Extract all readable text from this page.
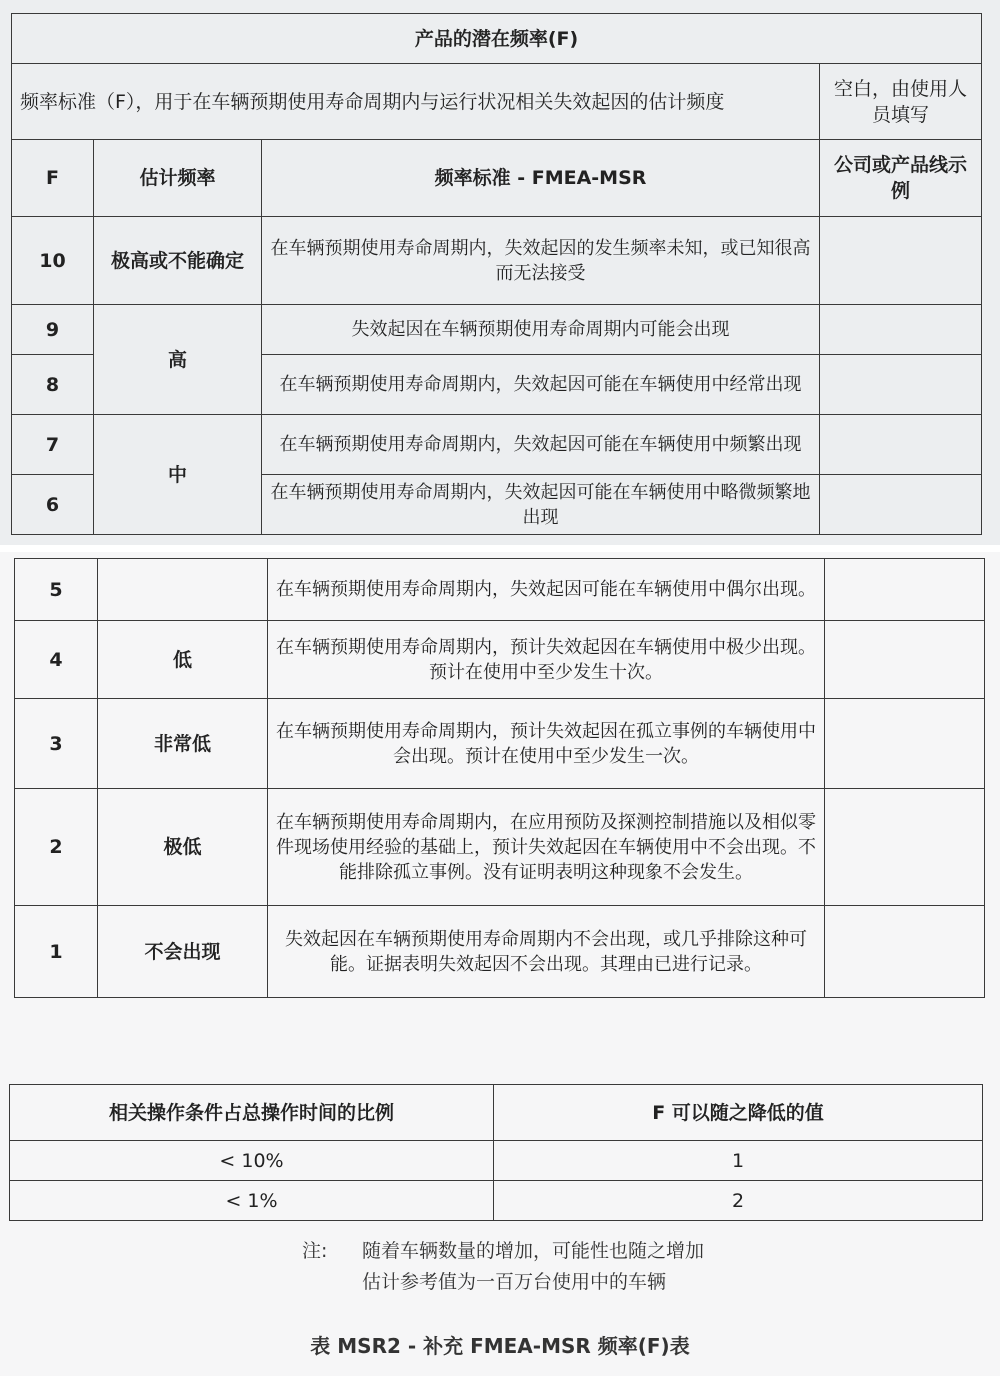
产品的潜在频率(F)			
频率标准（F），用于在车辆预期使用寿命周期内与运行状况相关失效起因的估计频度			空白，由使用人员填写
F	估计频率	频率标准 - FMEA-MSR	公司或产品线示例
10	极高或不能确定	在车辆预期使用寿命周期内，失效起因的发生频率未知，或已知很高而无法接受	
9	高	失效起因在车辆预期使用寿命周期内可能会出现	
8		在车辆预期使用寿命周期内，失效起因可能在车辆使用中经常出现	
7	中	在车辆预期使用寿命周期内，失效起因可能在车辆使用中频繁出现	
6		在车辆预期使用寿命周期内，失效起因可能在车辆使用中略微频繁地出现	
5		在车辆预期使用寿命周期内，失效起因可能在车辆使用中偶尔出现。	
4	低	在车辆预期使用寿命周期内，预计失效起因在车辆使用中极少出现。预计在使用中至少发生十次。	
3	非常低	在车辆预期使用寿命周期内，预计失效起因在孤立事例的车辆使用中会出现。预计在使用中至少发生一次。	
2	极低	在车辆预期使用寿命周期内，在应用预防及探测控制措施以及相似零件现场使用经验的基础上，预计失效起因在车辆使用中不会出现。不能排除孤立事例。没有证明表明这种现象不会发生。	
1	不会出现	失效起因在车辆预期使用寿命周期内不会出现，或几乎排除这种可能。证据表明失效起因不会出现。其理由已进行记录。	
相关操作条件占总操作时间的比例	F 可以随之降低的值
< 10%	1
< 1%	2
注: 随着车辆数量的增加，可能性也随之增加
估计参考值为一百万台使用中的车辆
表 MSR2 - 补充 FMEA-MSR 频率(F)表
